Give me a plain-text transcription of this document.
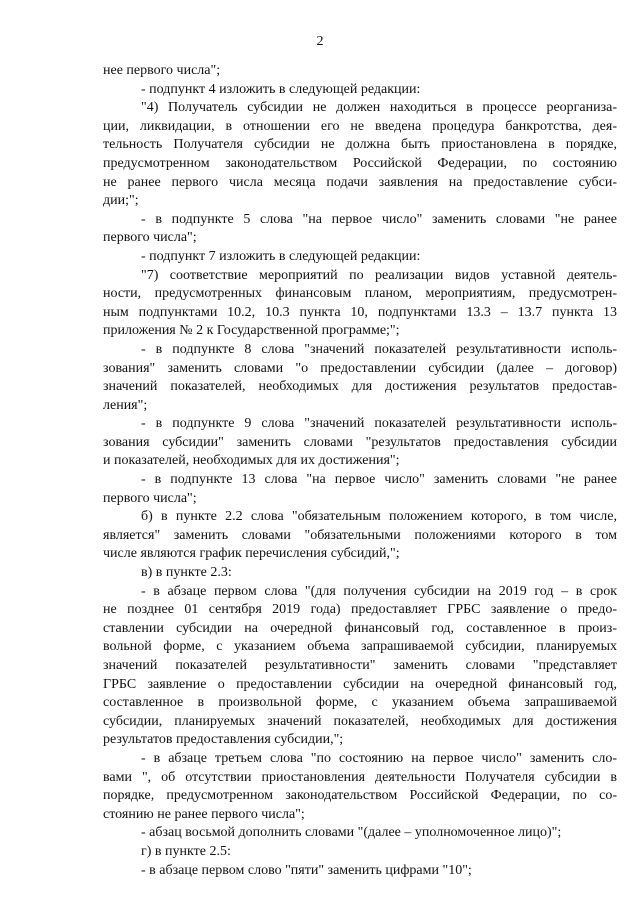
2
нее первого числа";
- подпункт 4 изложить в следующей редакции:
"4) Получатель субсидии не должен находиться в процессе реорганиза-
ции, ликвидации, в отношении его не введена процедура банкротства, дея-
тельность Получателя субсидии не должна быть приостановлена в порядке,
предусмотренном законодательством Российской Федерации, по состоянию
не ранее первого числа месяца подачи заявления на предоставление субси-
дии;";
- в подпункте 5 слова "на первое число" заменить словами "не ранее
первого числа";
- подпункт 7 изложить в следующей редакции:
"7) соответствие мероприятий по реализации видов уставной деятель-
ности, предусмотренных финансовым планом, мероприятиям, предусмотрен-
ным подпунктами 10.2, 10.3 пункта 10, подпунктами 13.3 – 13.7 пункта 13
приложения № 2 к Государственной программе;";
- в подпункте 8 слова "значений показателей результативности исполь-
зования" заменить словами "о предоставлении субсидии (далее – договор)
значений показателей, необходимых для достижения результатов предостав-
ления";
- в подпункте 9 слова "значений показателей результативности исполь-
зования субсидии" заменить словами "результатов предоставления субсидии
и показателей, необходимых для их достижения";
- в подпункте 13 слова "на первое число" заменить словами "не ранее
первого числа";
б) в пункте 2.2 слова "обязательным положением которого, в том числе,
является" заменить словами "обязательными положениями которого в том
числе являются график перечисления субсидий,";
в) в пункте 2.3:
- в абзаце первом слова "(для получения субсидии на 2019 год – в срок
не позднее 01 сентября 2019 года) предоставляет ГРБС заявление о предо-
ставлении субсидии на очередной финансовый год, составленное в произ-
вольной форме, с указанием объема запрашиваемой субсидии, планируемых
значений показателей результативности" заменить словами "представляет
ГРБС заявление о предоставлении субсидии на очередной финансовый год,
составленное в произвольной форме, с указанием объема запрашиваемой
субсидии, планируемых значений показателей, необходимых для достижения
результатов предоставления субсидии,";
- в абзаце третьем слова "по состоянию на первое число" заменить сло-
вами ", об отсутствии приостановления деятельности Получателя субсидии в
порядке, предусмотренном законодательством Российской Федерации, по со-
стоянию не ранее первого числа";
- абзац восьмой дополнить словами "(далее – уполномоченное лицо)";
г) в пункте 2.5:
- в абзаце первом слово "пяти" заменить цифрами "10";
